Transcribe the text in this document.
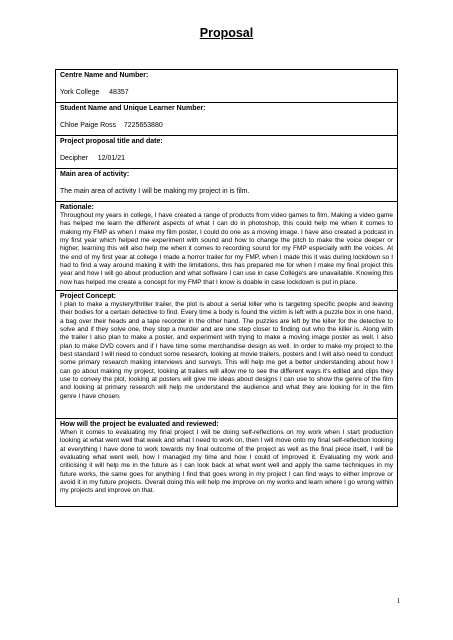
Proposal
Centre Name and Number:
York College     48357
Student Name and Unique Learner Number:
Chloe Paige Ross    7225653880
Project proposal title and date:
Decipher     12/01/21
Main area of activity:
The main area of activity I will be making my project in is film.
Rationale:
Throughout my years in college, I have created a range of products from video games to film. Making a video game has helped me learn the different aspects of what I can do in photoshop, this could help me when it comes to making my FMP as when I make my film poster, I could do one as a moving image. I have also created a podcast in my first year which helped me experiment with sound and how to change the pitch to make the voice deeper or higher, learning this will also help me when it comes to recording sound for my FMP especially with the voices. At the end of my first year at college I made a horror trailer for my FMP, when I made this it was during lockdown so I had to find a way around making it with the limitations, this has prepared me for when I make my final project this year and how I will go about production and what software I can use in case College's are unavailable. Knowing this now has helped me create a concept for my FMP that I know is doable in case lockdown is put in place.
Project Concept:
I plan to make a mystery/thriller trailer, the plot is about a serial killer who is targeting specific people and leaving their bodies for a certain detective to find. Every time a body is found the victim is left with a puzzle box in one hand, a bag over their heads and a tape recorder in the other hand. The puzzles are left by the killer for the detective to solve and if they solve one, they stop a murder and are one step closer to finding out who the killer is. Along with the trailer I also plan to make a poster, and experiment with trying to make a moving image poster as well. I also plan to make DVD covers and if I have time some merchandise design as well. In order to make my project to the best standard I will need to conduct some research, looking at movie trailers, posters and I will also need to conduct some primary research making interviews and surveys. This will help me get a better understanding about how I can go about making my project, looking at trailers will allow me to see the different ways it's edited and clips they use to convey the plot, looking at posters will give me ideas about designs I can use to show the genre of the film and looking at primary research will help me understand the audience and what they are looking for in the film genre I have chosen.
How will the project be evaluated and reviewed:
When it comes to evaluating my final project I will be doing self-reflections on my work when I start production looking at what went well that week and what I need to work on, then I will move onto my final self-reflection looking at everything I have done to work towards my final outcome of the project as well as the final piece itself, I will be evaluating what went well, how I managed my time and how I could of improved it. Evaluating my work and criticising it will help me in the future as I can look back at what went well and apply the same techniques in my future works, the same goes for anything I find that goes wrong in my project I can find ways to either improve or avoid it in my future projects. Overall doing this will help me improve on my works and learn where I go wrong within my projects and improve on that.
1
